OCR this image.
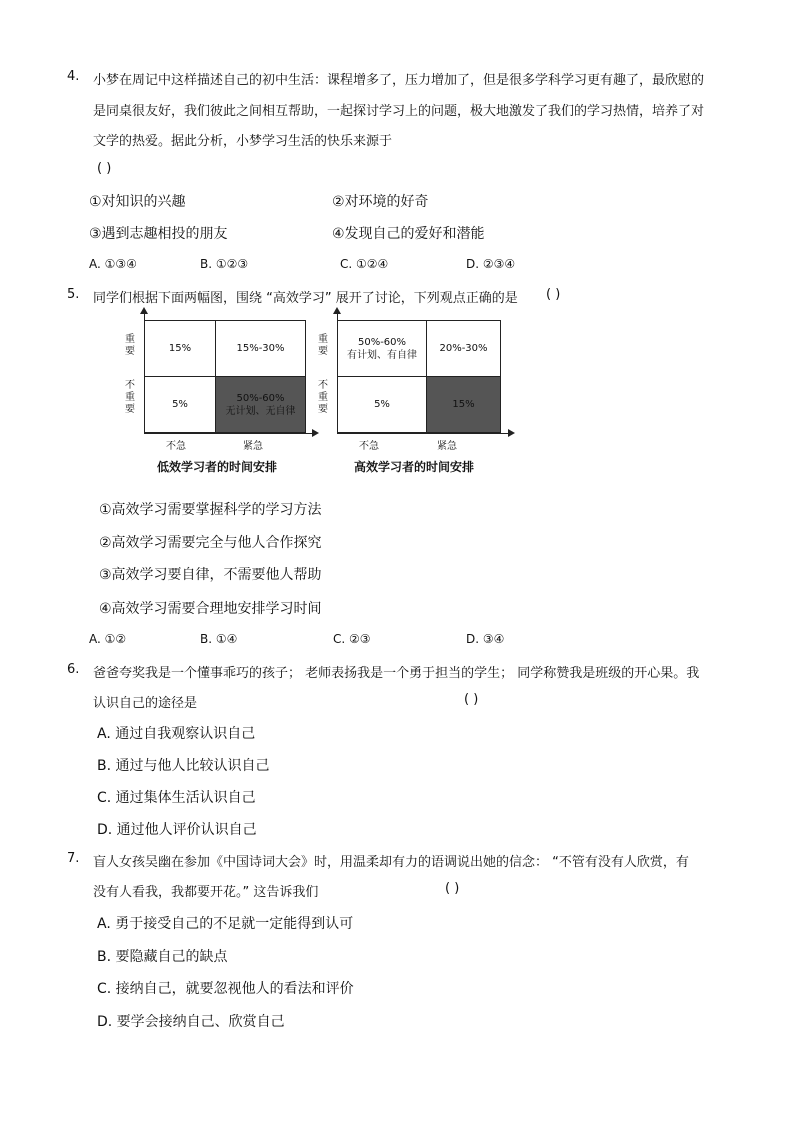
4. 小梦在周记中这样描述自己的初中生活：课程增多了，压力增加了，但是很多学科学习更有趣了，最欣慰的
是同桌很友好，我们彼此之间相互帮助，一起探讨学习上的问题，极大地激发了我们的学习热情，培养了对
文学的热爱。据此分析，小梦学习生活的快乐来源于
( )
①对知识的兴趣	②对环境的好奇
③遇到志趣相投的朋友	④发现自己的爱好和潜能
A. ①③④	B. ①②③	C. ①②④	D. ②③④
5. 同学们根据下面两幅图，围绕 “高效学习” 展开了讨论，下列观点正确的是 ( )
重要
不重要
15%	15%-30%
5%	50%-60%
无计划、无自律
不急	紧急
低效学习者的时间安排
重要
不重要
50%-60%
有计划、有自律	20%-30%
5%	15%
不急	紧急
高效学习者的时间安排
①高效学习需要掌握科学的学习方法
②高效学习需要完全与他人合作探究
③高效学习要自律，不需要他人帮助
④高效学习需要合理地安排学习时间
A. ①②	B. ①④	C. ②③	D. ③④
6. 爸爸夸奖我是一个懂事乖巧的孩子； 老师表扬我是一个勇于担当的学生； 同学称赞我是班级的开心果。我
认识自己的途径是	( )
A. 通过自我观察认识自己
B. 通过与他人比较认识自己
C. 通过集体生活认识自己
D. 通过他人评价认识自己
7. 盲人女孩吴幽在参加《中国诗词大会》时，用温柔却有力的语调说出她的信念： “不管有没有人欣赏，有
没有人看我，我都要开花。” 这告诉我们	( )
A. 勇于接受自己的不足就一定能得到认可
B. 要隐藏自己的缺点
C. 接纳自己，就要忽视他人的看法和评价
D. 要学会接纳自己、欣赏自己
